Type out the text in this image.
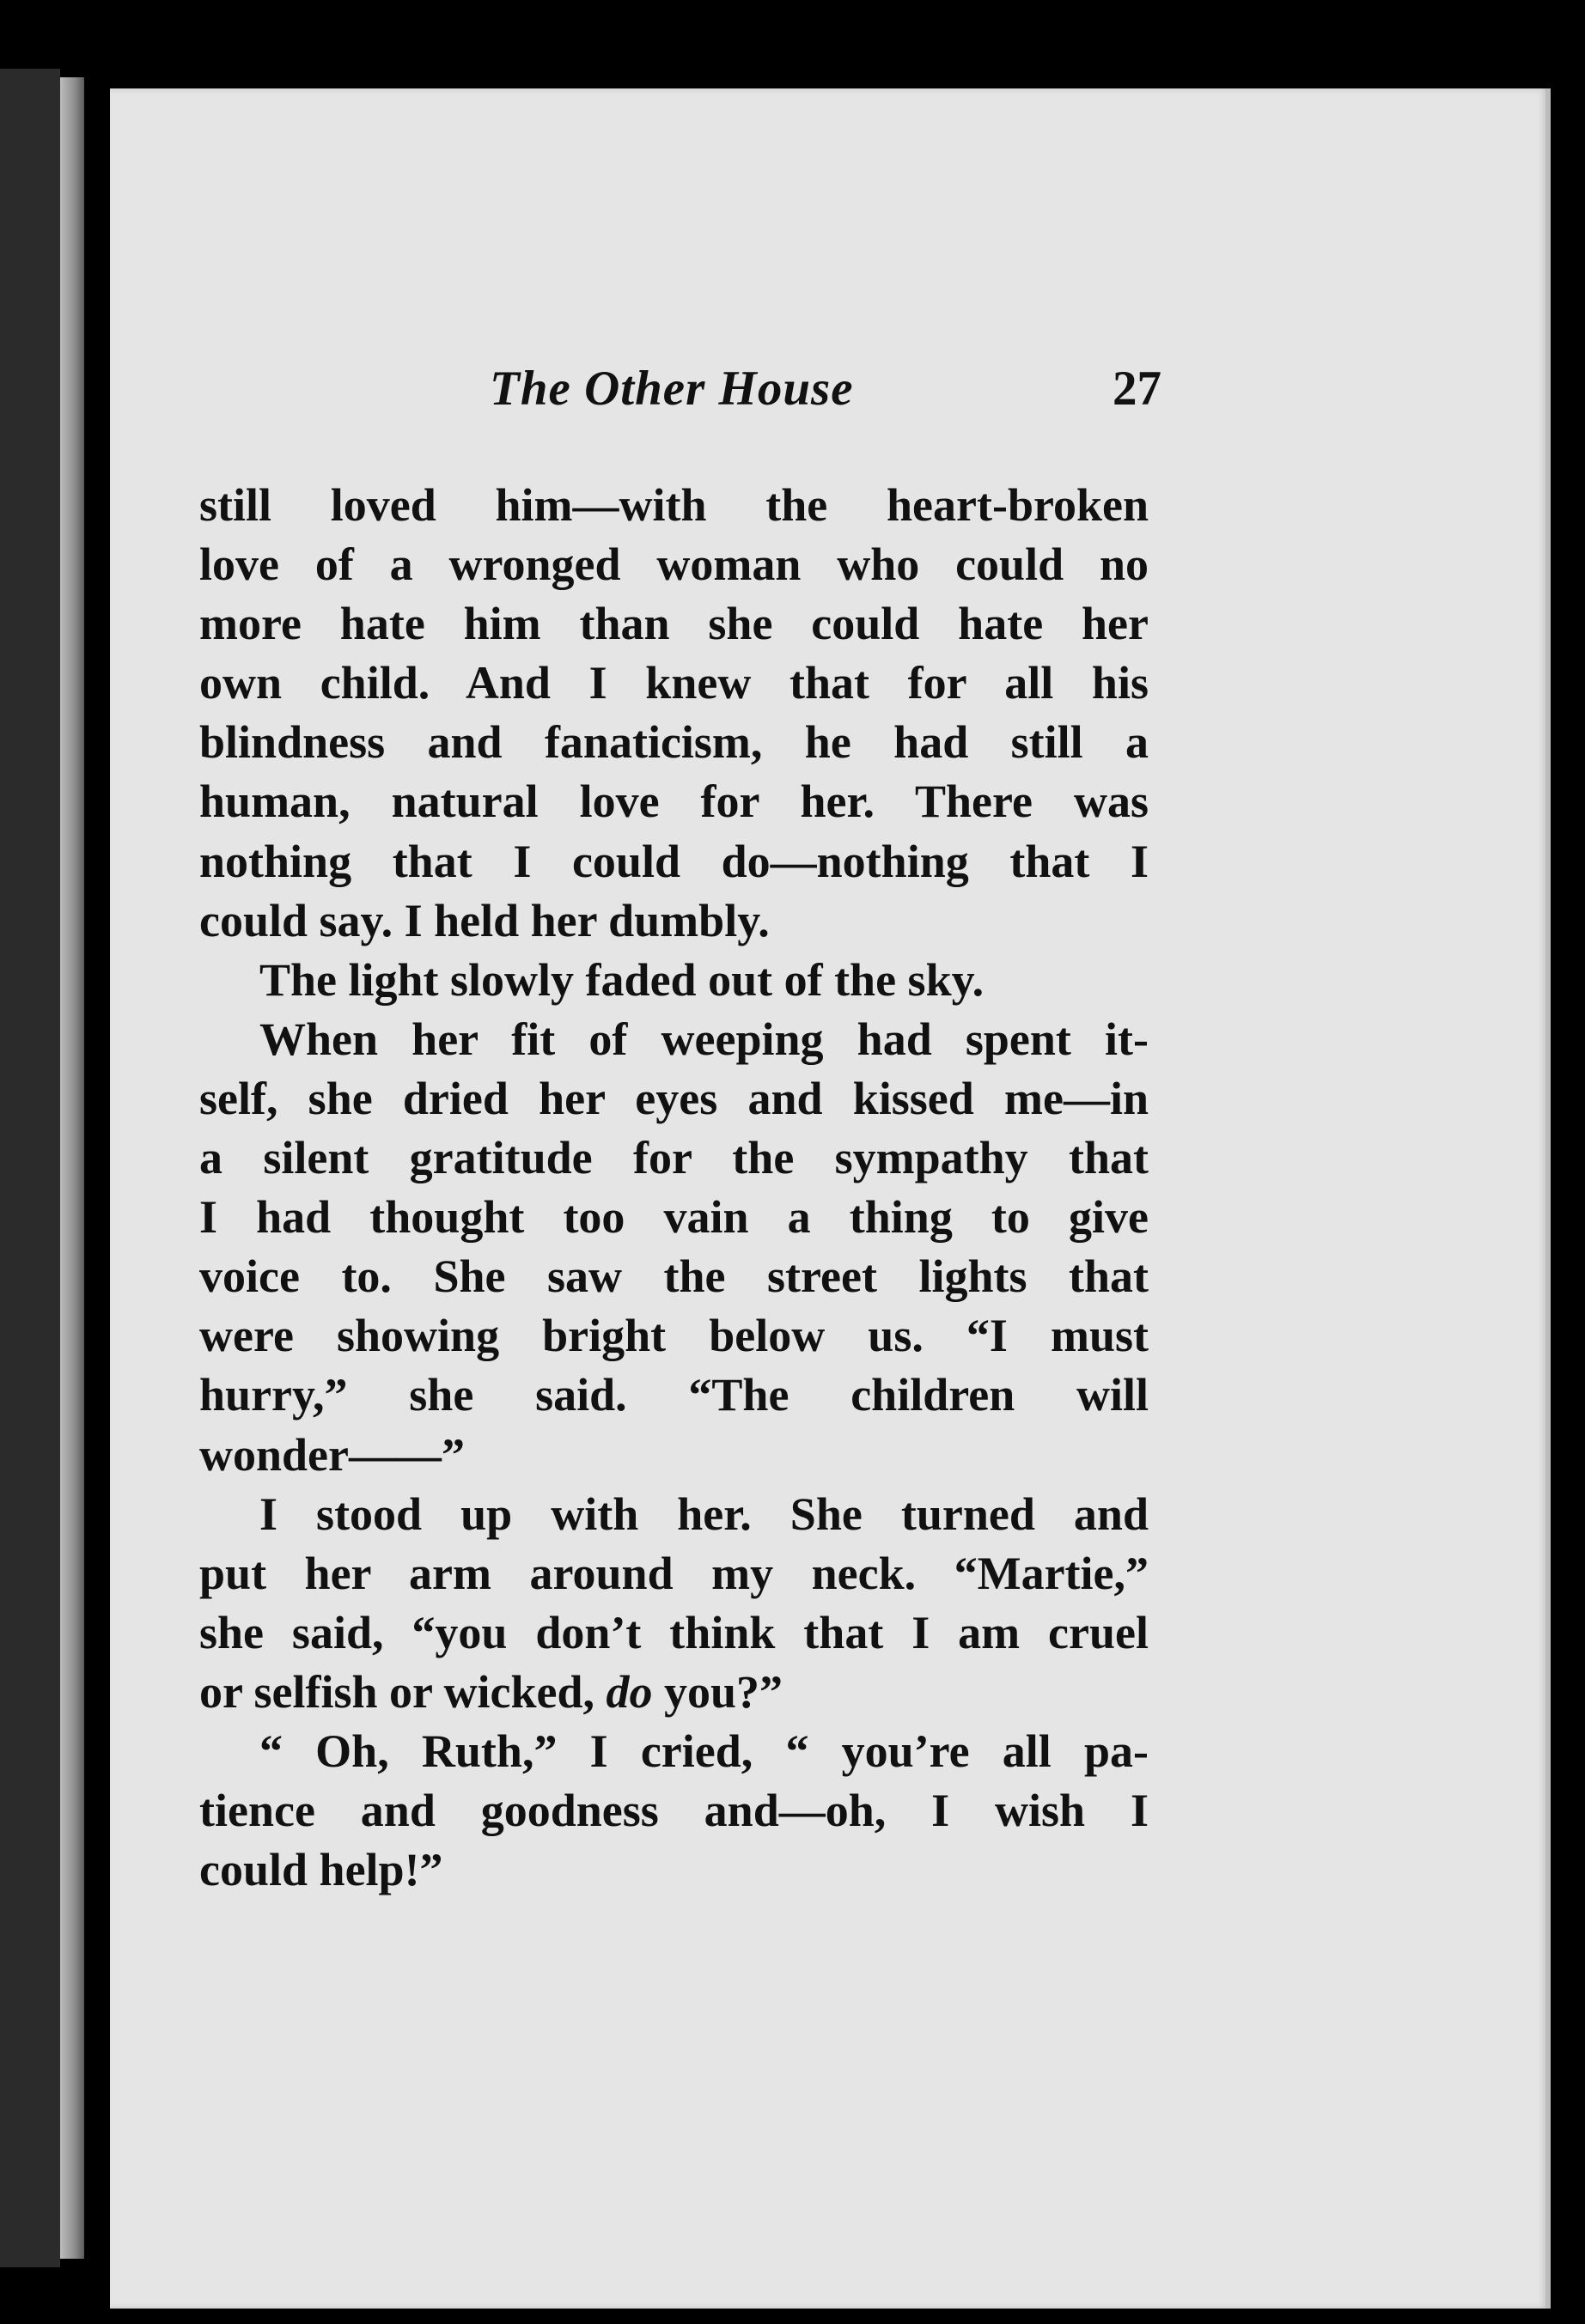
The Other House	27
still loved him—with the heart-broken
love of a wronged woman who could no
more hate him than she could hate her
own child. And I knew that for all his
blindness and fanaticism, he had still a
human, natural love for her. There was
nothing that I could do—nothing that I
could say. I held her dumbly.
The light slowly faded out of the sky.
When her fit of weeping had spent it-
self, she dried her eyes and kissed me—in
a silent gratitude for the sympathy that
I had thought too vain a thing to give
voice to. She saw the street lights that
were showing bright below us. “I must
hurry,” she said. “The children will
wonder——”
I stood up with her. She turned and
put her arm around my neck. “Martie,”
she said, “you don’t think that I am cruel
or selfish or wicked, do you?”
“ Oh, Ruth,” I cried, “ you’re all pa-
tience and goodness and—oh, I wish I
could help!”
